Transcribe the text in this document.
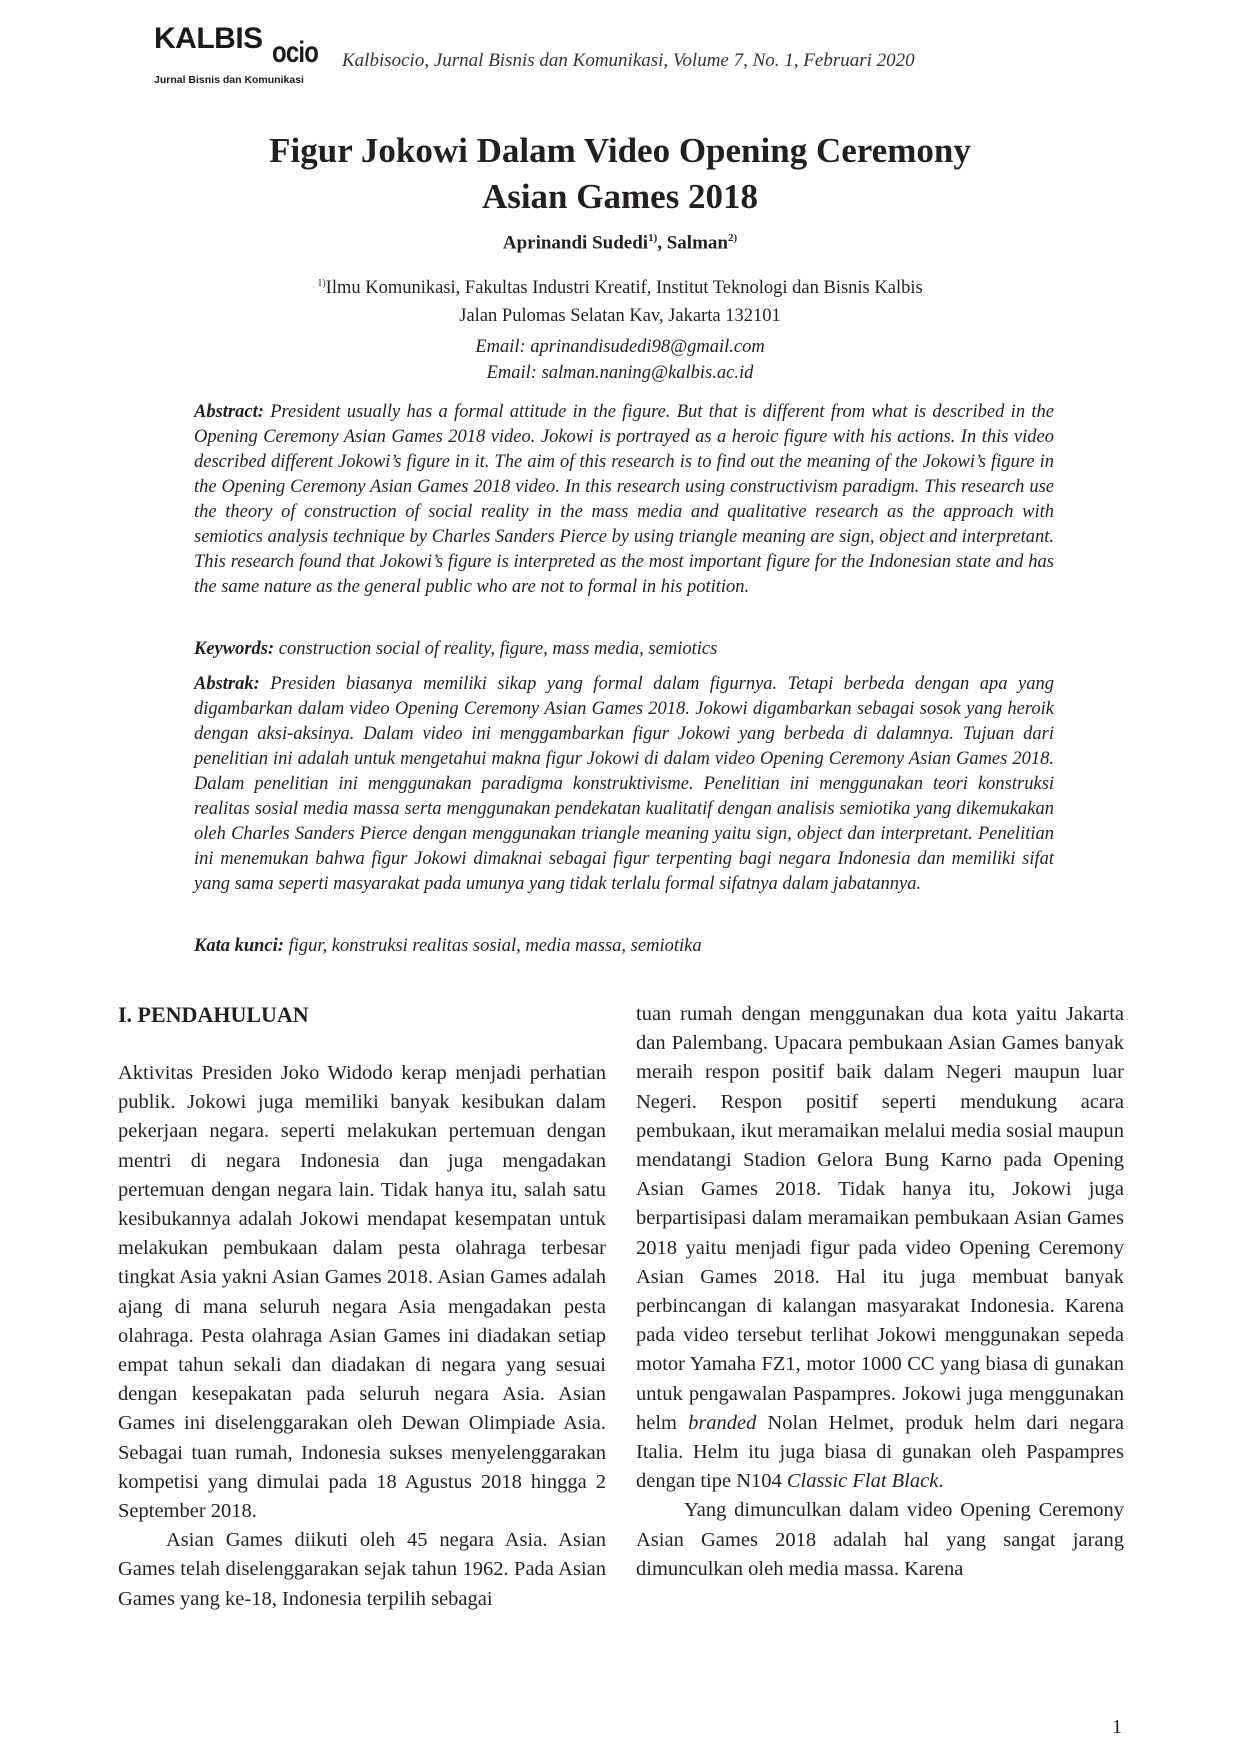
KALBIS ocio
Jurnal Bisnis dan Komunikasi
Kalbisocio, Jurnal Bisnis dan Komunikasi, Volume 7, No. 1, Februari 2020
Figur Jokowi Dalam Video Opening Ceremony
Asian Games 2018
Aprinandi Sudedi$^{1)}$, Salman$^{2)}$
$^{1)}$Ilmu Komunikasi, Fakultas Industri Kreatif, Institut Teknologi dan Bisnis Kalbis
Jalan Pulomas Selatan Kav, Jakarta 132101
Email: aprinandisudedi98@gmail.com
Email: salman.naning@kalbis.ac.id

Abstract: President usually has a formal attitude in the figure. But that is different from what is described in the Opening Ceremony Asian Games 2018 video. Jokowi is portrayed as a heroic figure with his actions. In this video described different Jokowi’s figure in it. The aim of this research is to find out the meaning of the Jokowi’s figure in the Opening Ceremony Asian Games 2018 video. In this research using constructivism paradigm. This research use the theory of construction of social reality in the mass media and qualitative research as the approach with semiotics analysis technique by Charles Sanders Pierce by using triangle meaning are sign, object and interpretant. This research found that Jokowi’s figure is interpreted as the most important figure for the Indonesian state and has the same nature as the general public who are not to formal in his potition.

Keywords: construction social of reality, figure, mass media, semiotics

Abstrak: Presiden biasanya memiliki sikap yang formal dalam figurnya. Tetapi berbeda dengan apa yang digambarkan dalam video Opening Ceremony Asian Games 2018. Jokowi digambarkan sebagai sosok yang heroik dengan aksi-aksinya. Dalam video ini menggambarkan figur Jokowi yang berbeda di dalamnya. Tujuan dari penelitian ini adalah untuk mengetahui makna figur Jokowi di dalam video Opening Ceremony Asian Games 2018. Dalam penelitian ini menggunakan paradigma konstruktivisme. Penelitian ini menggunakan teori konstruksi realitas sosial media massa serta menggunakan pendekatan kualitatif dengan analisis semiotika yang dikemukakan oleh Charles Sanders Pierce dengan menggunakan triangle meaning yaitu sign, object dan interpretant. Penelitian ini menemukan bahwa figur Jokowi dimaknai sebagai figur terpenting bagi negara Indonesia dan memiliki sifat yang sama seperti masyarakat pada umunya yang tidak terlalu formal sifatnya dalam jabatannya.

Kata kunci: figur, konstruksi realitas sosial, media massa, semiotika

I. PENDAHULUAN

Aktivitas Presiden Joko Widodo kerap menjadi perhatian publik. Jokowi juga memiliki banyak kesibukan dalam pekerjaan negara. seperti melakukan pertemuan dengan mentri di negara Indonesia dan juga mengadakan pertemuan dengan negara lain. Tidak hanya itu, salah satu kesibukannya adalah Jokowi mendapat kesempatan untuk melakukan pembukaan dalam pesta olahraga terbesar tingkat Asia yakni Asian Games 2018. Asian Games adalah ajang di mana seluruh negara Asia mengadakan pesta olahraga. Pesta olahraga Asian Games ini diadakan setiap empat tahun sekali dan diadakan di negara yang sesuai dengan kesepakatan pada seluruh negara Asia. Asian Games ini diselenggarakan oleh Dewan Olimpiade Asia. Sebagai tuan rumah, Indonesia sukses menyelenggarakan kompetisi yang dimulai pada 18 Agustus 2018 hingga 2 September 2018.

Asian Games diikuti oleh 45 negara Asia. Asian Games telah diselenggarakan sejak tahun 1962. Pada Asian Games yang ke-18, Indonesia terpilih sebagai

tuan rumah dengan menggunakan dua kota yaitu Jakarta dan Palembang. Upacara pembukaan Asian Games banyak meraih respon positif baik dalam Negeri maupun luar Negeri. Respon positif seperti mendukung acara pembukaan, ikut meramaikan melalui media sosial maupun mendatangi Stadion Gelora Bung Karno pada Opening Asian Games 2018. Tidak hanya itu, Jokowi juga berpartisipasi dalam meramaikan pembukaan Asian Games 2018 yaitu menjadi figur pada video Opening Ceremony Asian Games 2018. Hal itu juga membuat banyak perbincangan di kalangan masyarakat Indonesia. Karena pada video tersebut terlihat Jokowi menggunakan sepeda motor Yamaha FZ1, motor 1000 CC yang biasa di gunakan untuk pengawalan Paspampres. Jokowi juga menggunakan helm branded Nolan Helmet, produk helm dari negara Italia. Helm itu juga biasa di gunakan oleh Paspampres dengan tipe N104 Classic Flat Black.

Yang dimunculkan dalam video Opening Ceremony Asian Games 2018 adalah hal yang sangat jarang dimunculkan oleh media massa. Karena

1
